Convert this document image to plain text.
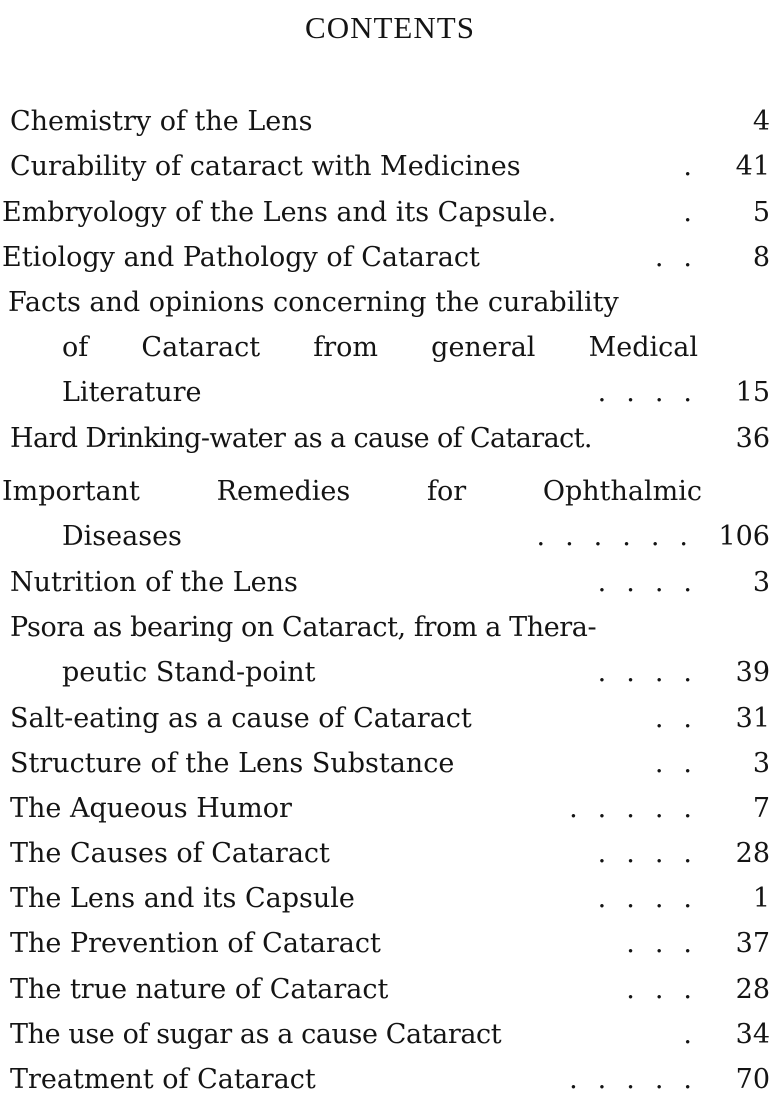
CONTENTS
Chemistry of the Lens	4
Curability of cataract with Medicines	. 41
Embryology of the Lens and its Capsule.	.	5
Etiology and Pathology of Cataract	..	8
Facts and opinions concerning the curability
of Cataract from general Medical
Literature	.... 15
Hard Drinking-water as a cause of Cataract.	36
Important Remedies for Ophthalmic
Diseases	...... 106
Nutrition of the Lens	....	3
Psora as bearing on Cataract, from a Thera-
peutic Stand-point	.... 39
Salt-eating as a cause of Cataract	.. 31
Structure of the Lens Substance	..	3
The Aqueous Humor	.....	7
The Causes of Cataract	.... 28
The Lens and its Capsule	....	1
The Prevention of Cataract	... 37
The true nature of Cataract	... 28
The use of sugar as a cause Cataract	. 34
Treatment of Cataract	..... 70
